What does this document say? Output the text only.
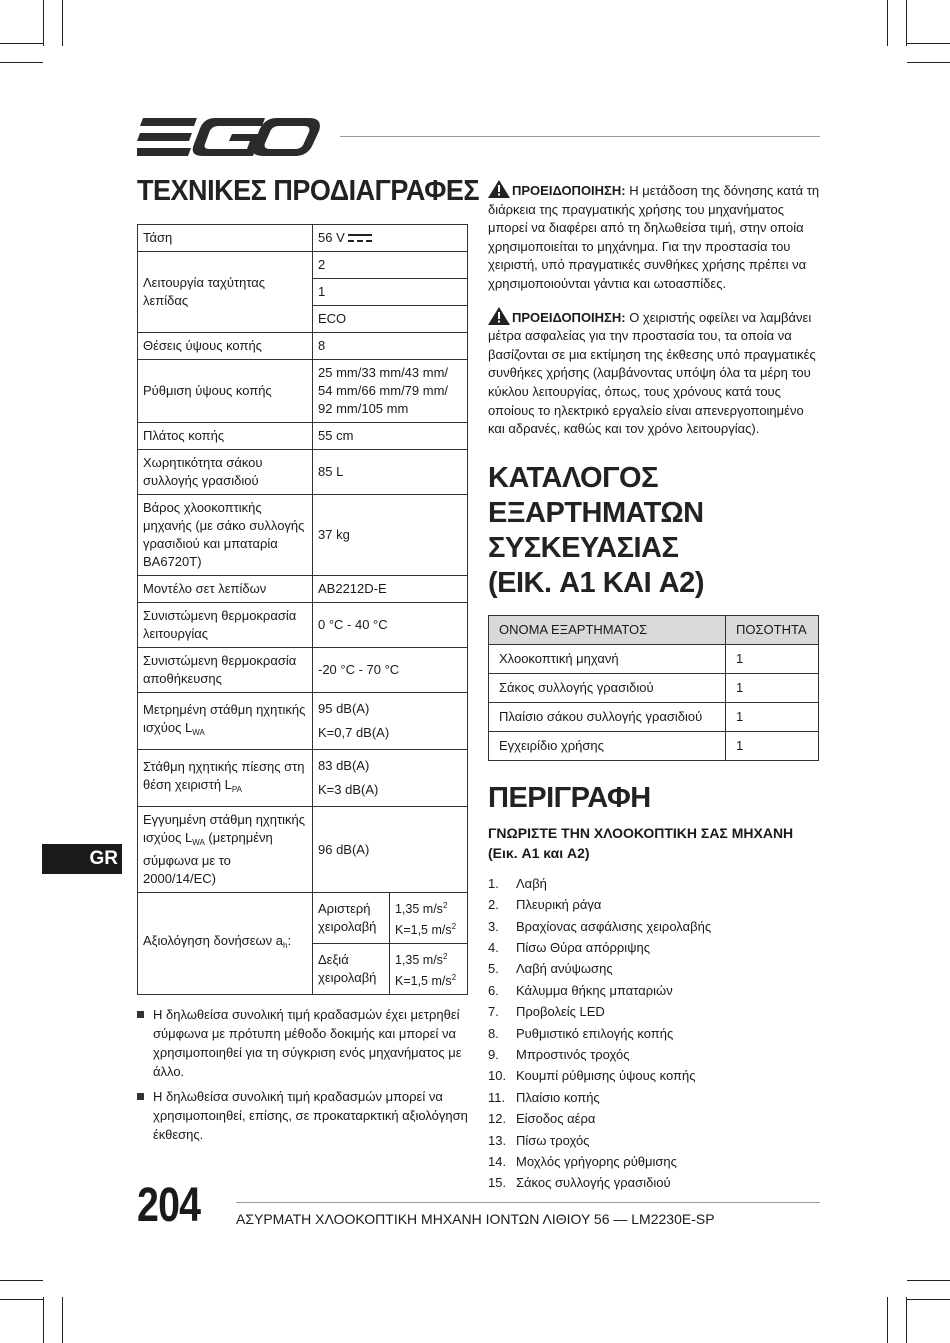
ΤΕΧΝΙΚΕΣ ΠΡΟΔΙΑΓΡΑΦΕΣ
Τάση	56 V	
Λειτουργία ταχύτητας λεπίδας	2	
	1	
	ECO	
Θέσεις ύψους κοπής	8	
Ρύθμιση ύψους κοπής	25 mm/33 mm/43 mm/ 54 mm/66 mm/79 mm/ 92 mm/105 mm	
Πλάτος κοπής	55 cm	
Χωρητικότητα σάκου συλλογής γρασιδιού	85 L	
Βάρος χλοοκοπτικής μηχανής (με σάκο συλλογής γρασιδιού και μπαταρία BA6720T)	37 kg	
Μοντέλο σετ λεπίδων	AB2212D-E	
Συνιστώμενη θερμοκρασία λειτουργίας	0 °C - 40 °C	
Συνιστώμενη θερμοκρασία αποθήκευσης	-20 °C - 70 °C	
Μετρημένη στάθμη ηχητικής ισχύος $L_{WA}$	95 dB(A)
K=0,7 dB(A)	

Στάθμη ηχητικής πίεσης στη θέση χειριστή $L_{PA}$	83 dB(A)
K=3 dB(A)	

Εγγυημένη στάθμη ηχητικής ισχύος $L_{WA}$ (μετρημένη σύμφωνα με το 2000/14/EC)	96 dB(A)	
Αξιολόγηση δονήσεων $a_h$:	Αριστερή χειρολαβή	1,35 $m/s^2$
K=1,5 $m/s^2$

	Δεξιά χειρολαβή	1,35 $m/s^2$
K=1,5 $m/s^2$
Η δηλωθείσα συνολική τιμή κραδασμών έχει μετρηθεί σύμφωνα με πρότυπη μέθοδο δοκιμής και μπορεί να χρησιμοποιηθεί για τη σύγκριση ενός μηχανήματος με άλλο.
Η δηλωθείσα συνολική τιμή κραδασμών μπορεί να χρησιμοποιηθεί, επίσης, σε προκαταρκτική αξιολόγηση έκθεσης.

ΠΡΟΕΙΔΟΠΟΙΗΣΗ: Η μετάδοση της δόνησης κατά τη διάρκεια της πραγματικής χρήσης του μηχανήματος μπορεί να διαφέρει από τη δηλωθείσα τιμή, στην οποία χρησιμοποιείται το μηχάνημα. Για την προστασία του χειριστή, υπό πραγματικές συνθήκες χρήσης πρέπει να χρησιμοποιούνται γάντια και ωτοασπίδες.

ΠΡΟΕΙΔΟΠΟΙΗΣΗ: Ο χειριστής οφείλει να λαμβάνει μέτρα ασφαλείας για την προστασία του, τα οποία να βασίζονται σε μια εκτίμηση της έκθεσης υπό πραγματικές συνθήκες χρήσης (λαμβάνοντας υπόψη όλα τα μέρη του κύκλου λειτουργίας, όπως, τους χρόνους κατά τους οποίους το ηλεκτρικό εργαλείο είναι απενεργοποιημένο και αδρανές, καθώς και τον χρόνο λειτουργίας).

ΚΑΤΑΛΟΓΟΣ
ΕΞΑΡΤΗΜΑΤΩΝ
ΣΥΣΚΕΥΑΣΙΑΣ
(ΕΙΚ. A1 ΚΑΙ A2)
ΟΝΟΜΑ ΕΞΑΡΤΗΜΑΤΟΣ	ΠΟΣΟΤΗΤΑ
Χλοοκοπτική μηχανή	1
Σάκος συλλογής γρασιδιού	1
Πλαίσιο σάκου συλλογής γρασιδιού	1
Εγχειρίδιο χρήσης	1
ΠΕΡΙΓΡΑΦΗ
ΓΝΩΡΙΣΤΕ ΤΗΝ ΧΛΟΟΚΟΠΤΙΚΗ ΣΑΣ ΜΗΧΑΝΗ
(Εικ. A1 και A2)
1. Λαβή
2. Πλευρική ράγα
3. Βραχίονας ασφάλισης χειρολαβής
4. Πίσω Θύρα απόρριψης
5. Λαβή ανύψωσης
6. Κάλυμμα θήκης μπαταριών
7. Προβολείς LED
8. Ρυθμιστικό επιλογής κοπής
9. Μπροστινός τροχός
10. Κουμπί ρύθμισης ύψους κοπής
11. Πλαίσιο κοπής
12. Είσοδος αέρα
13. Πίσω τροχός
14. Μοχλός γρήγορης ρύθμισης
15. Σάκος συλλογής γρασιδιού
GR
204	ΑΣΥΡΜΑΤΗ ΧΛΟΟΚΟΠΤΙΚΗ ΜΗΧΑΝΗ ΙΟΝΤΩΝ ΛΙΘΙΟΥ 56 — LM2230E-SP
